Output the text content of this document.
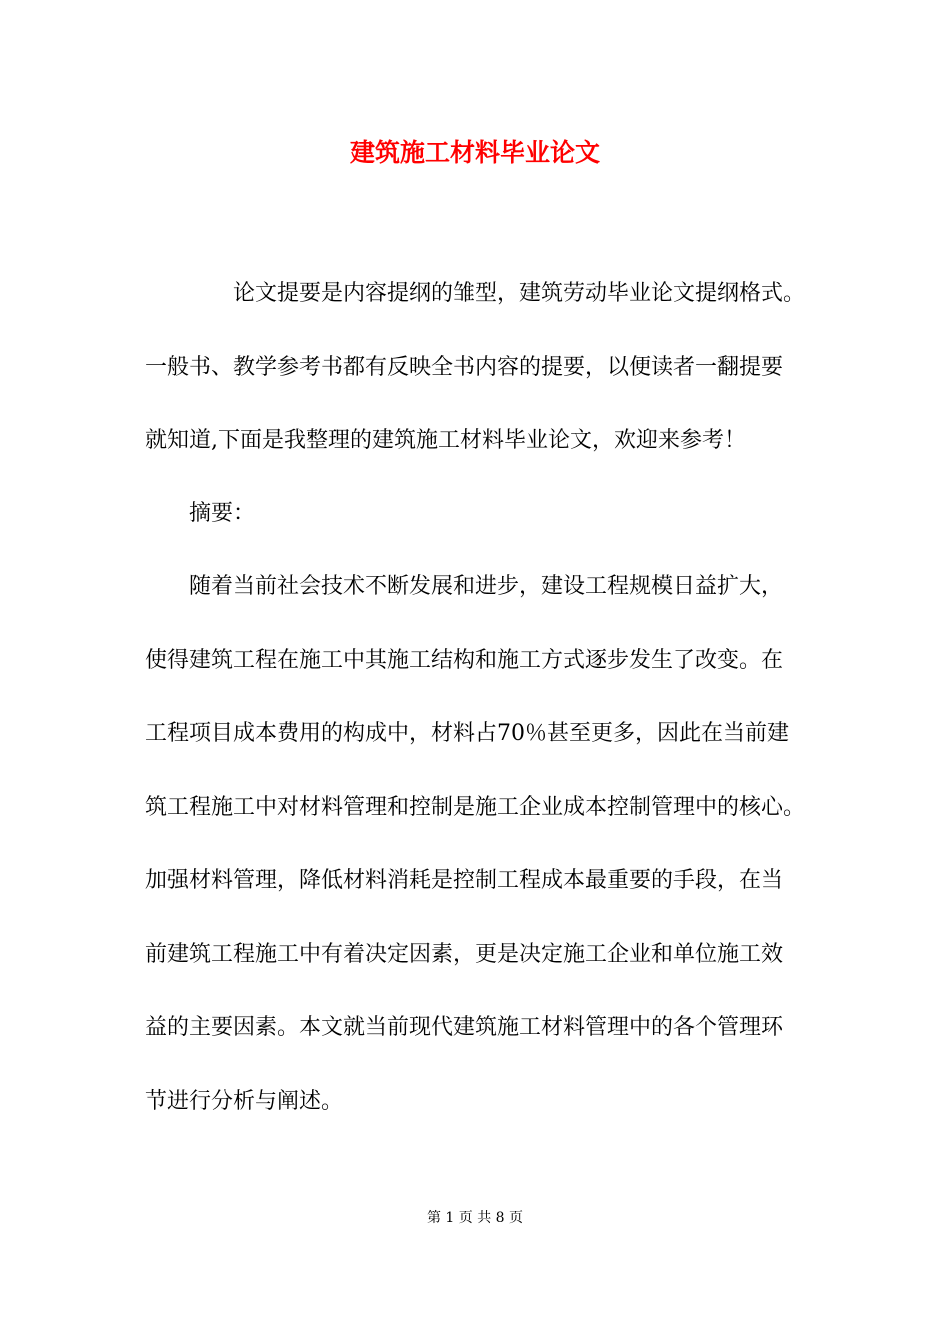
建筑施工材料毕业论文

论文提要是内容提纲的雏型，建筑劳动毕业论文提纲格式。
一般书、教学参考书都有反映全书内容的提要，以便读者一翻提要
就知道,下面是我整理的建筑施工材料毕业论文，欢迎来参考！

摘要：

随着当前社会技术不断发展和进步，建设工程规模日益扩大，
使得建筑工程在施工中其施工结构和施工方式逐步发生了改变。在
工程项目成本费用的构成中，材料占70％甚至更多，因此在当前建
筑工程施工中对材料管理和控制是施工企业成本控制管理中的核心。
加强材料管理，降低材料消耗是控制工程成本最重要的手段，在当
前建筑工程施工中有着决定因素，更是决定施工企业和单位施工效
益的主要因素。本文就当前现代建筑施工材料管理中的各个管理环
节进行分析与阐述。

第 1 页 共 8 页
